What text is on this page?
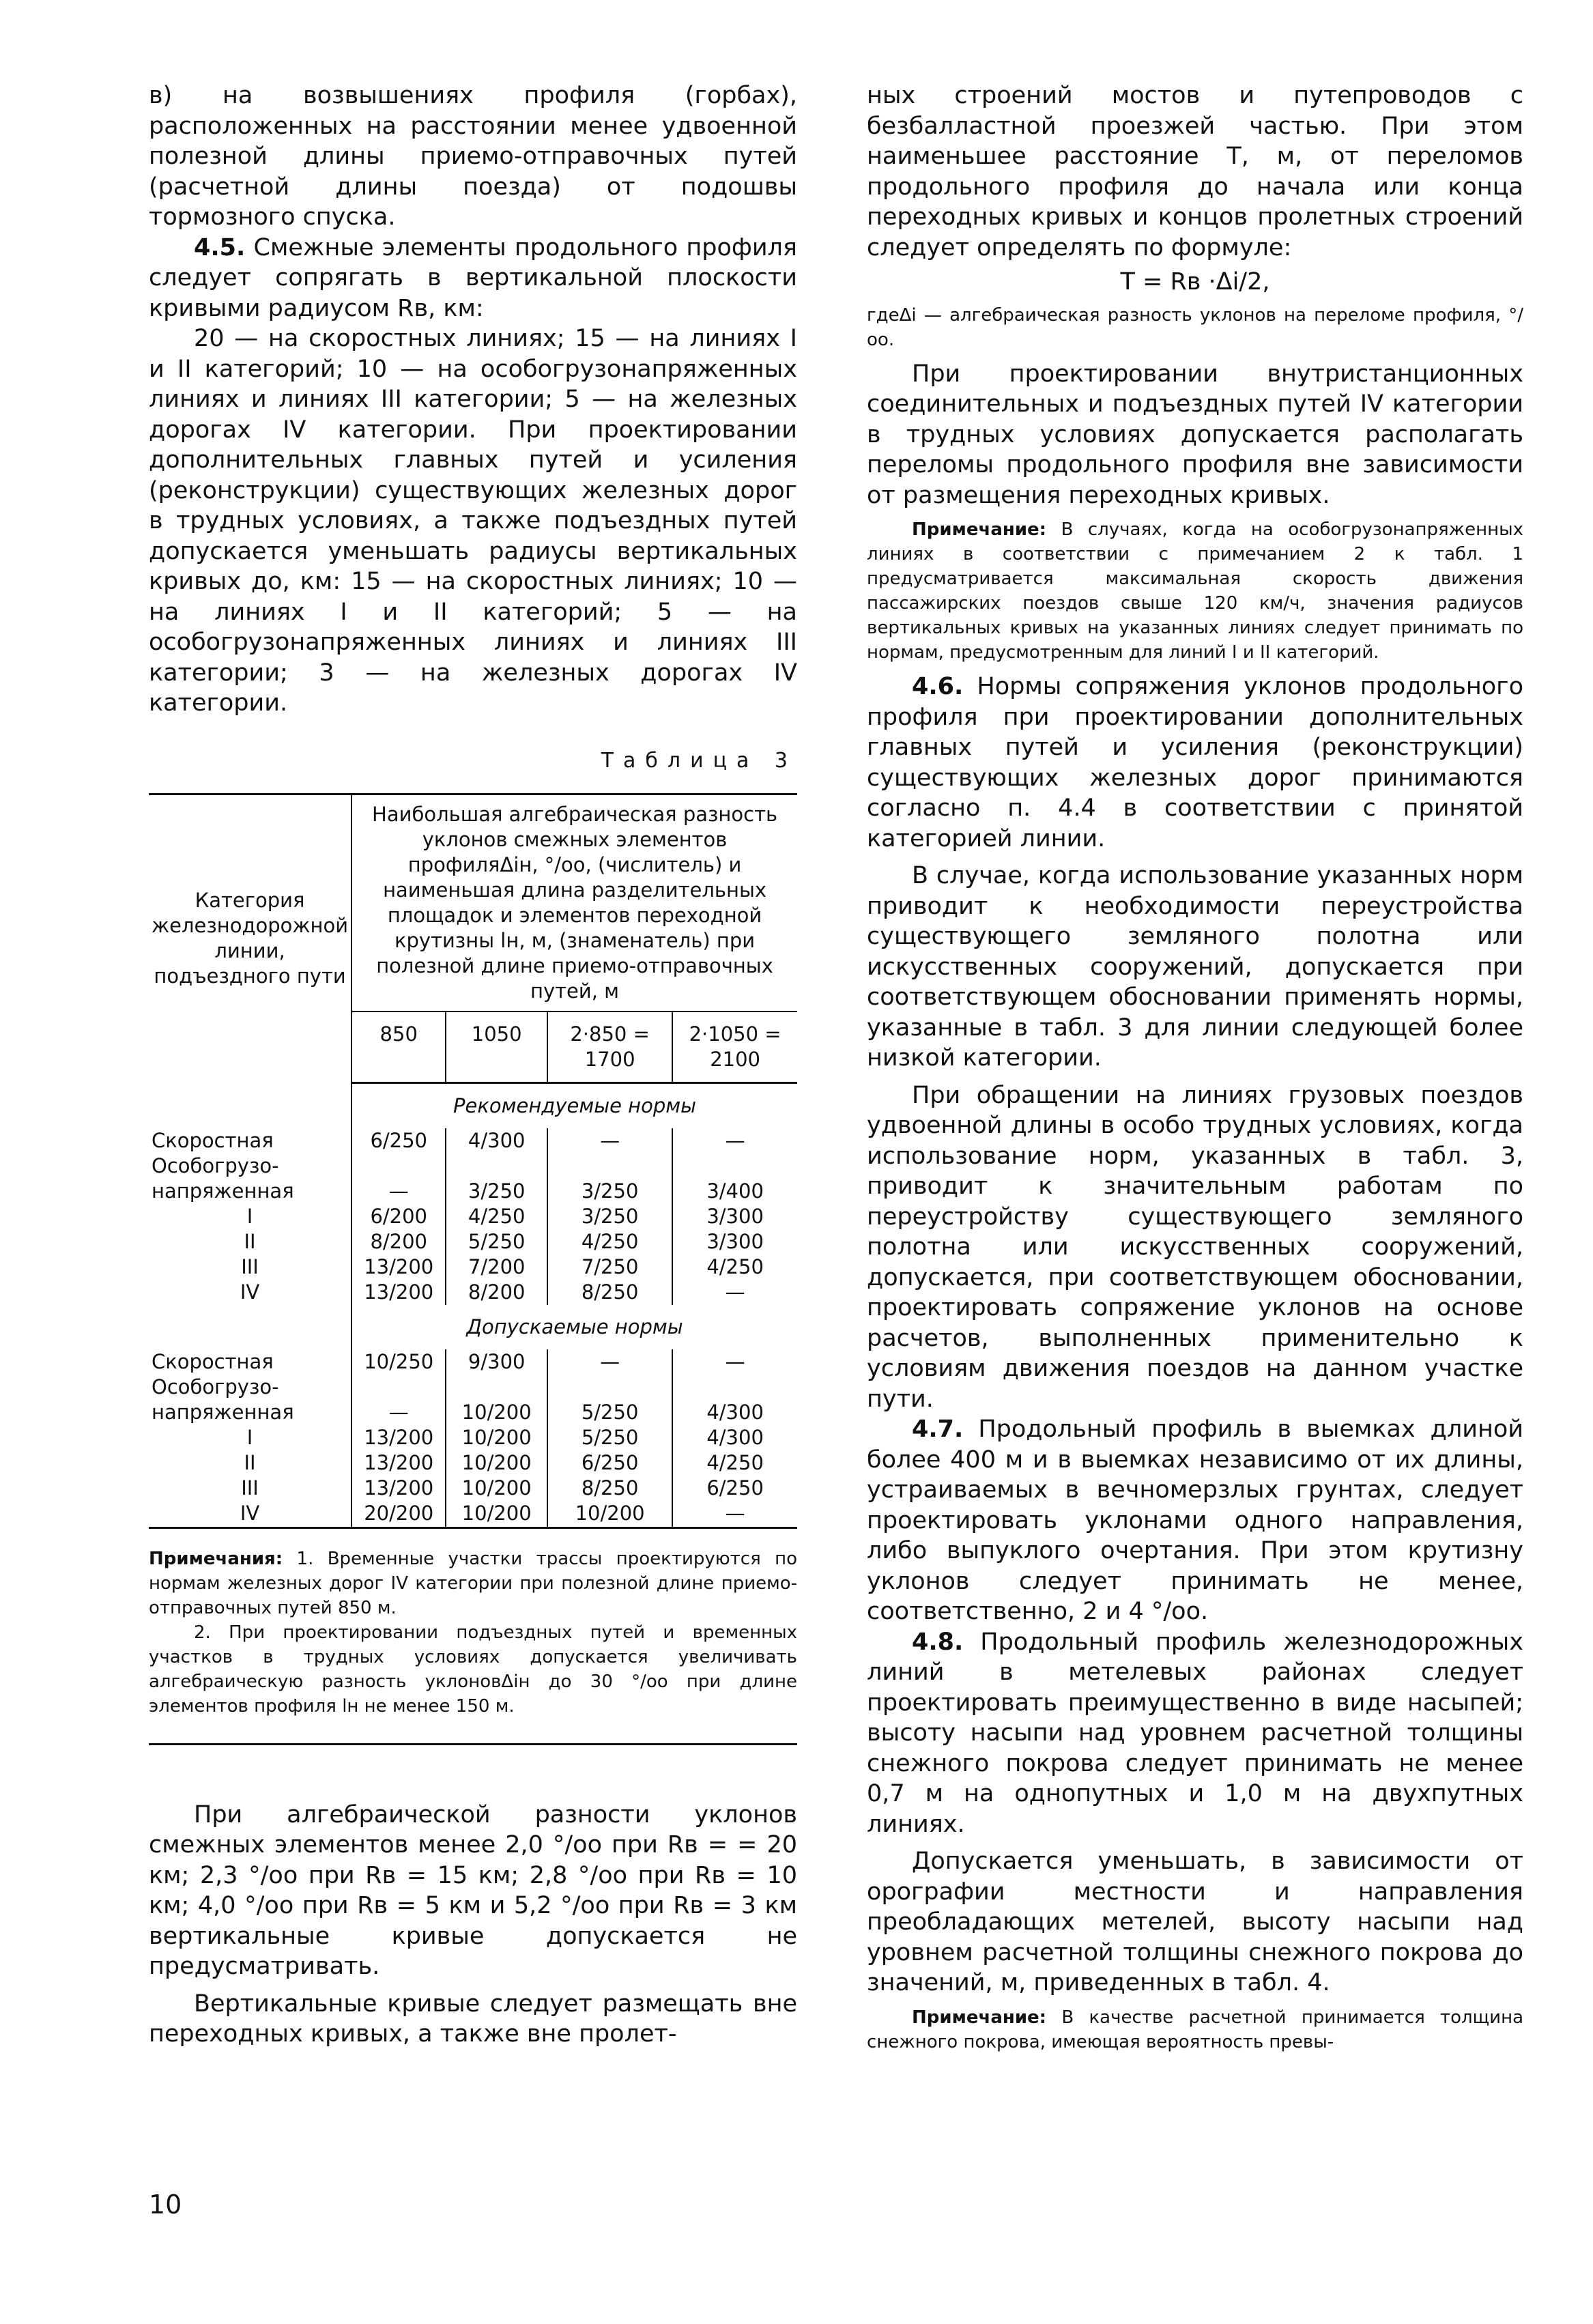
в) на возвышениях профиля (горбах), расположенных на расстоянии менее удвоенной полезной длины приемо-отправочных путей (расчетной длины поезда) от подошвы тормозного спуска.

4.5. Смежные элементы продольного профиля следует сопрягать в вертикальной плоскости кривыми радиусом Rв, км:

20 — на скоростных линиях; 15 — на линиях I и II категорий; 10 — на особогрузонапряженных линиях и линиях III категории; 5 — на железных дорогах IV категории. При проектировании дополнительных главных путей и усиления (реконструкции) существующих железных дорог в трудных условиях, а также подъездных путей допускается уменьшать радиусы вертикальных кривых до, км: 15 — на скоростных линиях; 10 — на линиях I и II категорий; 5 — на особогрузонапряженных линиях и линиях III категории; 3 — на железных дорогах IV категории.

Таблица 3
Категория железнодорожной линии, подъездного пути	Наибольшая алгебраическая разность уклонов смежных элементов профиляΔiн, °/оо, (числитель) и наименьшая длина разделительных площадок и элементов переходной крутизны lн, м, (знаменатель) при полезной длине приемо-отправочных путей, м			
	850	1050	2·850 = 1700	2·1050 = 2100
	Рекомендуемые нормы			
Скоростная	6/250	4/300	—	—
Особогрузо-				
напряженная	—	3/250	3/250	3/400
I	6/200	4/250	3/250	3/300
II	8/200	5/250	4/250	3/300
III	13/200	7/200	7/250	4/250
IV	13/200	8/200	8/250	—
	Допускаемые нормы			
Скоростная	10/250	9/300	—	—
Особогрузо-				
напряженная	—	10/200	5/250	4/300
I	13/200	10/200	5/250	4/300
II	13/200	10/200	6/250	4/250
III	13/200	10/200	8/250	6/250
IV	20/200	10/200	10/200	—

Примечания: 1. Временные участки трассы проектируются по нормам железных дорог IV категории при полезной длине приемо-отправочных путей 850 м.

2. При проектировании подъездных путей и временных участков в трудных условиях допускается увеличивать алгебраическую разность уклоновΔiн до 30 °/оо при длине элементов профиля lн не менее 150 м.

При алгебраической разности уклонов смежных элементов менее 2,0 °/оо при Rв = = 20 км; 2,3 °/оо при Rв = 15 км; 2,8 °/оо при Rв = 10 км; 4,0 °/оо при Rв = 5 км и 5,2 °/оо при Rв = 3 км вертикальные кривые допускается не предусматривать.

Вертикальные кривые следует размещать вне переходных кривых, а также вне пролет-

ных строений мостов и путепроводов с безбалластной проезжей частью. При этом наименьшее расстояние T, м, от переломов продольного профиля до начала или конца переходных кривых и концов пролетных строений следует определять по формуле:

T = Rв ·Δi/2,

гдеΔi — алгебраическая разность уклонов на переломе профиля, °/оо.

При проектировании внутристанционных соединительных и подъездных путей IV категории в трудных условиях допускается располагать переломы продольного профиля вне зависимости от размещения переходных кривых.

Примечание: В случаях, когда на особогрузонапряженных линиях в соответствии с примечанием 2 к табл. 1 предусматривается максимальная скорость движения пассажирских поездов свыше 120 км/ч, значения радиусов вертикальных кривых на указанных линиях следует принимать по нормам, предусмотренным для линий I и II категорий.

4.6. Нормы сопряжения уклонов продольного профиля при проектировании дополнительных главных путей и усиления (реконструкции) существующих железных дорог принимаются согласно п. 4.4 в соответствии с принятой категорией линии.

В случае, когда использование указанных норм приводит к необходимости переустройства существующего земляного полотна или искусственных сооружений, допускается при соответствующем обосновании применять нормы, указанные в табл. 3 для линии следующей более низкой категории.

При обращении на линиях грузовых поездов удвоенной длины в особо трудных условиях, когда использование норм, указанных в табл. 3, приводит к значительным работам по переустройству существующего земляного полотна или искусственных сооружений, допускается, при соответствующем обосновании, проектировать сопряжение уклонов на основе расчетов, выполненных применительно к условиям движения поездов на данном участке пути.

4.7. Продольный профиль в выемках длиной более 400 м и в выемках независимо от их длины, устраиваемых в вечномерзлых грунтах, следует проектировать уклонами одного направления, либо выпуклого очертания. При этом крутизну уклонов следует принимать не менее, соответственно, 2 и 4 °/оо.

4.8. Продольный профиль железнодорожных линий в метелевых районах следует проектировать преимущественно в виде насыпей; высоту насыпи над уровнем расчетной толщины снежного покрова следует принимать не менее 0,7 м на однопутных и 1,0 м на двухпутных линиях.

Допускается уменьшать, в зависимости от орографии местности и направления преобладающих метелей, высоту насыпи над уровнем расчетной толщины снежного покрова до значений, м, приведенных в табл. 4.

Примечание: В качестве расчетной принимается толщина снежного покрова, имеющая вероятность превы-

10
